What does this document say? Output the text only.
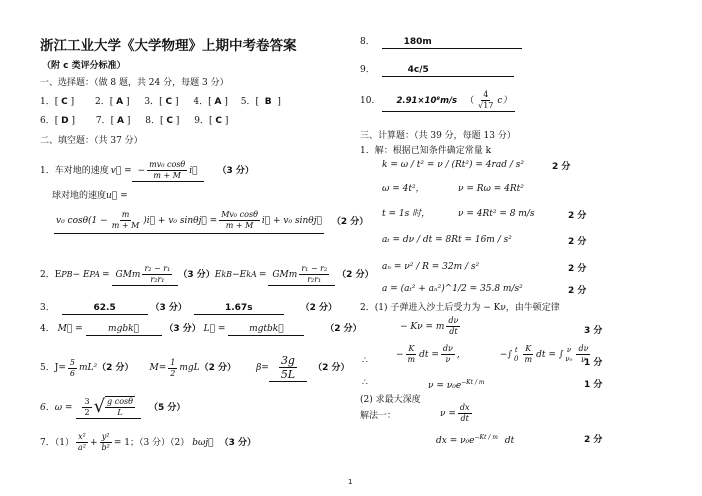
浙江工业大学《大学物理》上期中考卷答案
（附 c 类评分标准）
一、选择题：（做 8 题，共 24 分，每题 3 分）
1．[ C ] 2．[ A ] 3．[ C ] 4．[ A ] 5．[ B ]
6．[ D ] 7．[ A ] 8．[ C ] 9．[ C ]
二、填空题：（共 37 分）
1．车对地的速度 v⃗ = − $\frac{\text{mv₀ cosθ}}{m + M}$ i⃗ （3 分）
球对地的速度u⃗ =
v₀ $\cos\theta(1 - \frac{m}{m + M}$ )i⃗ + v₀ sinθj⃗ = $\frac{\text{Mv₀ cosθ}}{m + M}$ i⃗ + v₀ sinθj⃗ （2 分）
2．E PB − E PA = GMm $\frac{\text{r₂ − r₁}}{\text{r₂r₁}} (3$ 分） E kB −E kA = GMm $\frac{\text{r₁ − r₂}}{\text{r₂r₁}} (2$ 分）
3．	62.5	（3 分）	1.67s	（2 分）
4． M⃗ =	mgbk⃗	（3 分） L⃗ =	mgtbk⃗	（2 分）
5．$J= \frac{5}{6} mL^2$ （2 分） $M= \frac{1}{2}$ mgL （2 分） $\beta= \frac{3g}{5L} (2$ 分）
6．$\omega = \frac{3}{2}$ √ $\frac{\text{g cosθ}}{L} (5$ 分）
7．$(1) \frac{\text{x²}}{\text{a²}} + \frac{\text{y²}}{\text{b²}} = 1$；（3 分）（2） bωj⃗ （3 分）
8．	180m
9．	4c/5
10． 2.91×10⁸m/s （ $\frac{4}{√17} c$）
三、计算题：（共 39 分，每题 13 分）
1．解：根据已知条件确定常量 k
k = ω / t² = ν / (Rt²) = 4rad / s²	2 分
ω = 4t²，	ν = Rω = 4Rt²
t = 1s 时，	ν = 4Rt² = 8 m/s	2 分
aₜ = dν / dt = 8Rt = 16m / s²	2 分
aₙ = ν² / R = 32m / s²	2 分
a = (aₜ² + aₙ²)^1/2 = 35.8 m/s²	2 分
2．(1) 子弹进入沙土后受力为 − Kν，由牛顿定律
− Kν = m $\frac{d\nu}{dt}$	3 分
∴
− $\frac{K}{m}$ dt = $\frac{d\nu}{\nu}$ ,	−∫ t
$0 \frac{K}{m}$ dt = ∫ ν
$\nu_0 \frac{d\nu}{\nu}$
1 分
∴	$\nu = \nu_0e^{-Kt / m}$	1 分
(2) 求最大深度
解法一：	$\nu = \frac{dx}{dt}$
dx = $\nu_0e^{-Kt / m}$ dt	2 分
1
